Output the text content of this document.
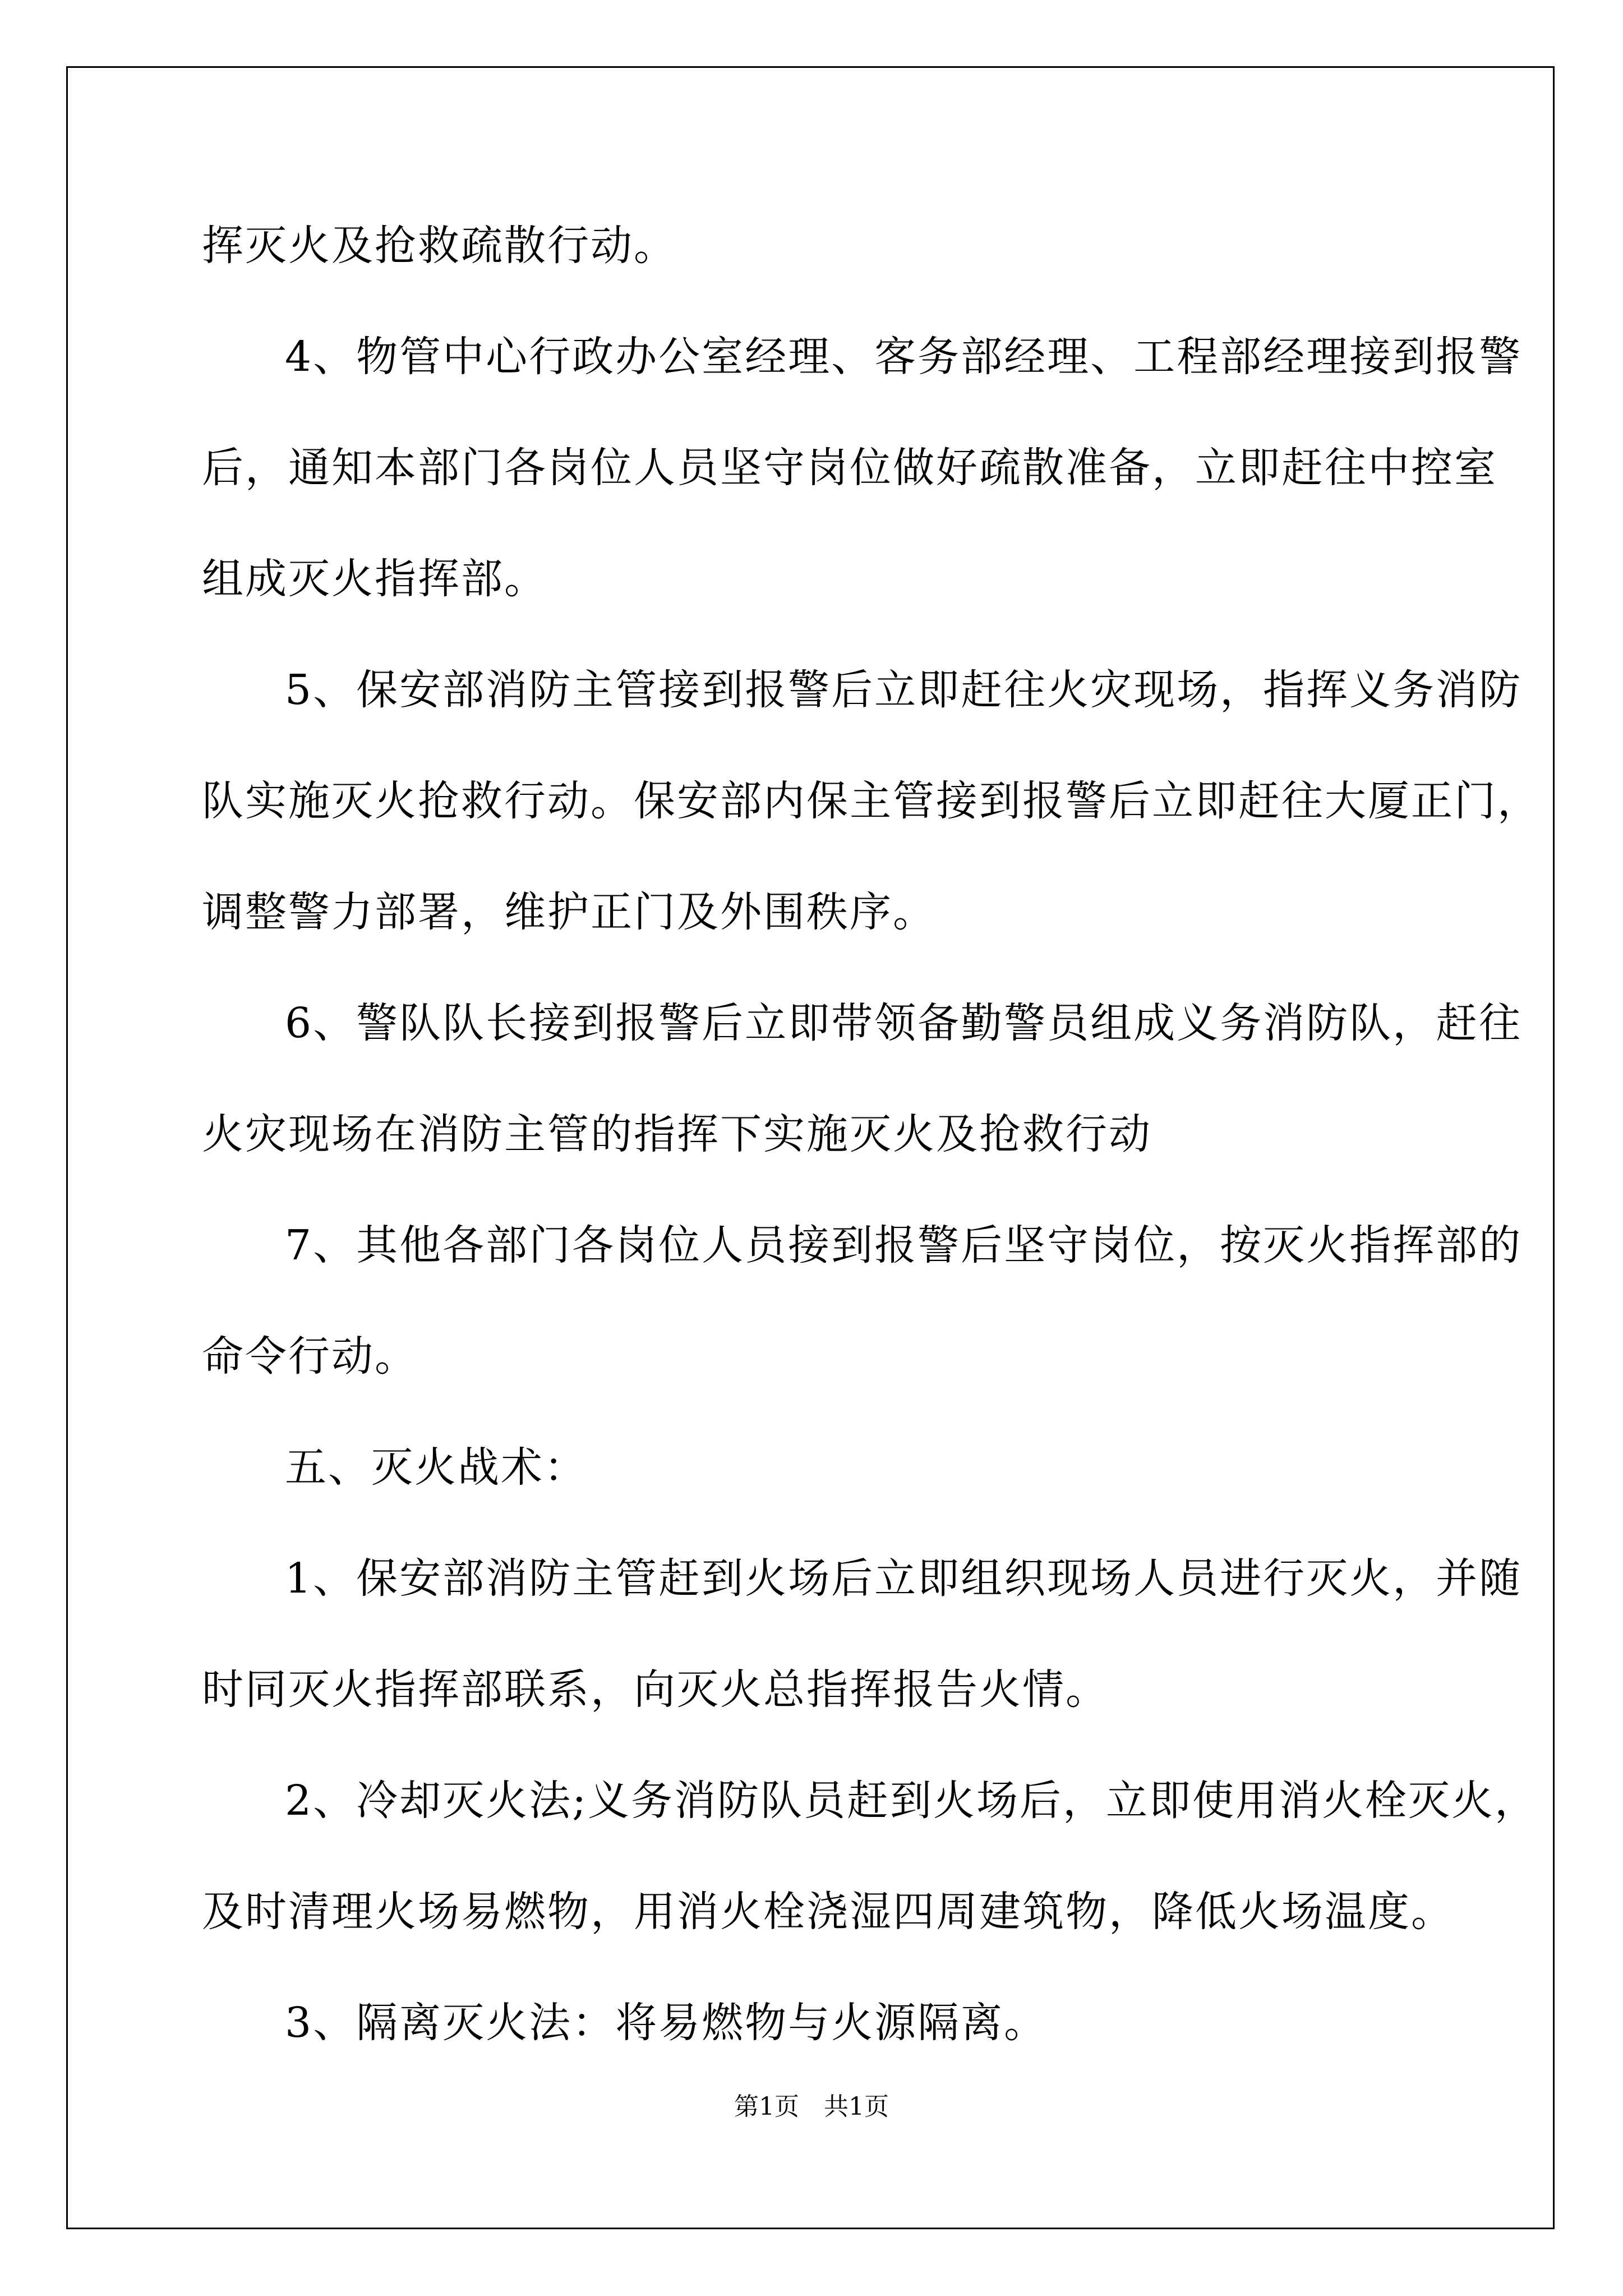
挥灭火及抢救疏散行动。
4、物管中心行政办公室经理、客务部经理、工程部经理接到报警
后，通知本部门各岗位人员坚守岗位做好疏散准备，立即赶往中控室
组成灭火指挥部。
5、保安部消防主管接到报警后立即赶往火灾现场，指挥义务消防
队实施灭火抢救行动。保安部内保主管接到报警后立即赶往大厦正门，
调整警力部署，维护正门及外围秩序。
6、警队队长接到报警后立即带领备勤警员组成义务消防队，赶往
火灾现场在消防主管的指挥下实施灭火及抢救行动
7、其他各部门各岗位人员接到报警后坚守岗位，按灭火指挥部的
命令行动。
五、灭火战术：
1、保安部消防主管赶到火场后立即组织现场人员进行灭火，并随
时同灭火指挥部联系，向灭火总指挥报告火情。
2、冷却灭火法;义务消防队员赶到火场后，立即使用消火栓灭火，
及时清理火场易燃物，用消火栓浇湿四周建筑物，降低火场温度。
3、隔离灭火法：将易燃物与火源隔离。
第1页　共1页
